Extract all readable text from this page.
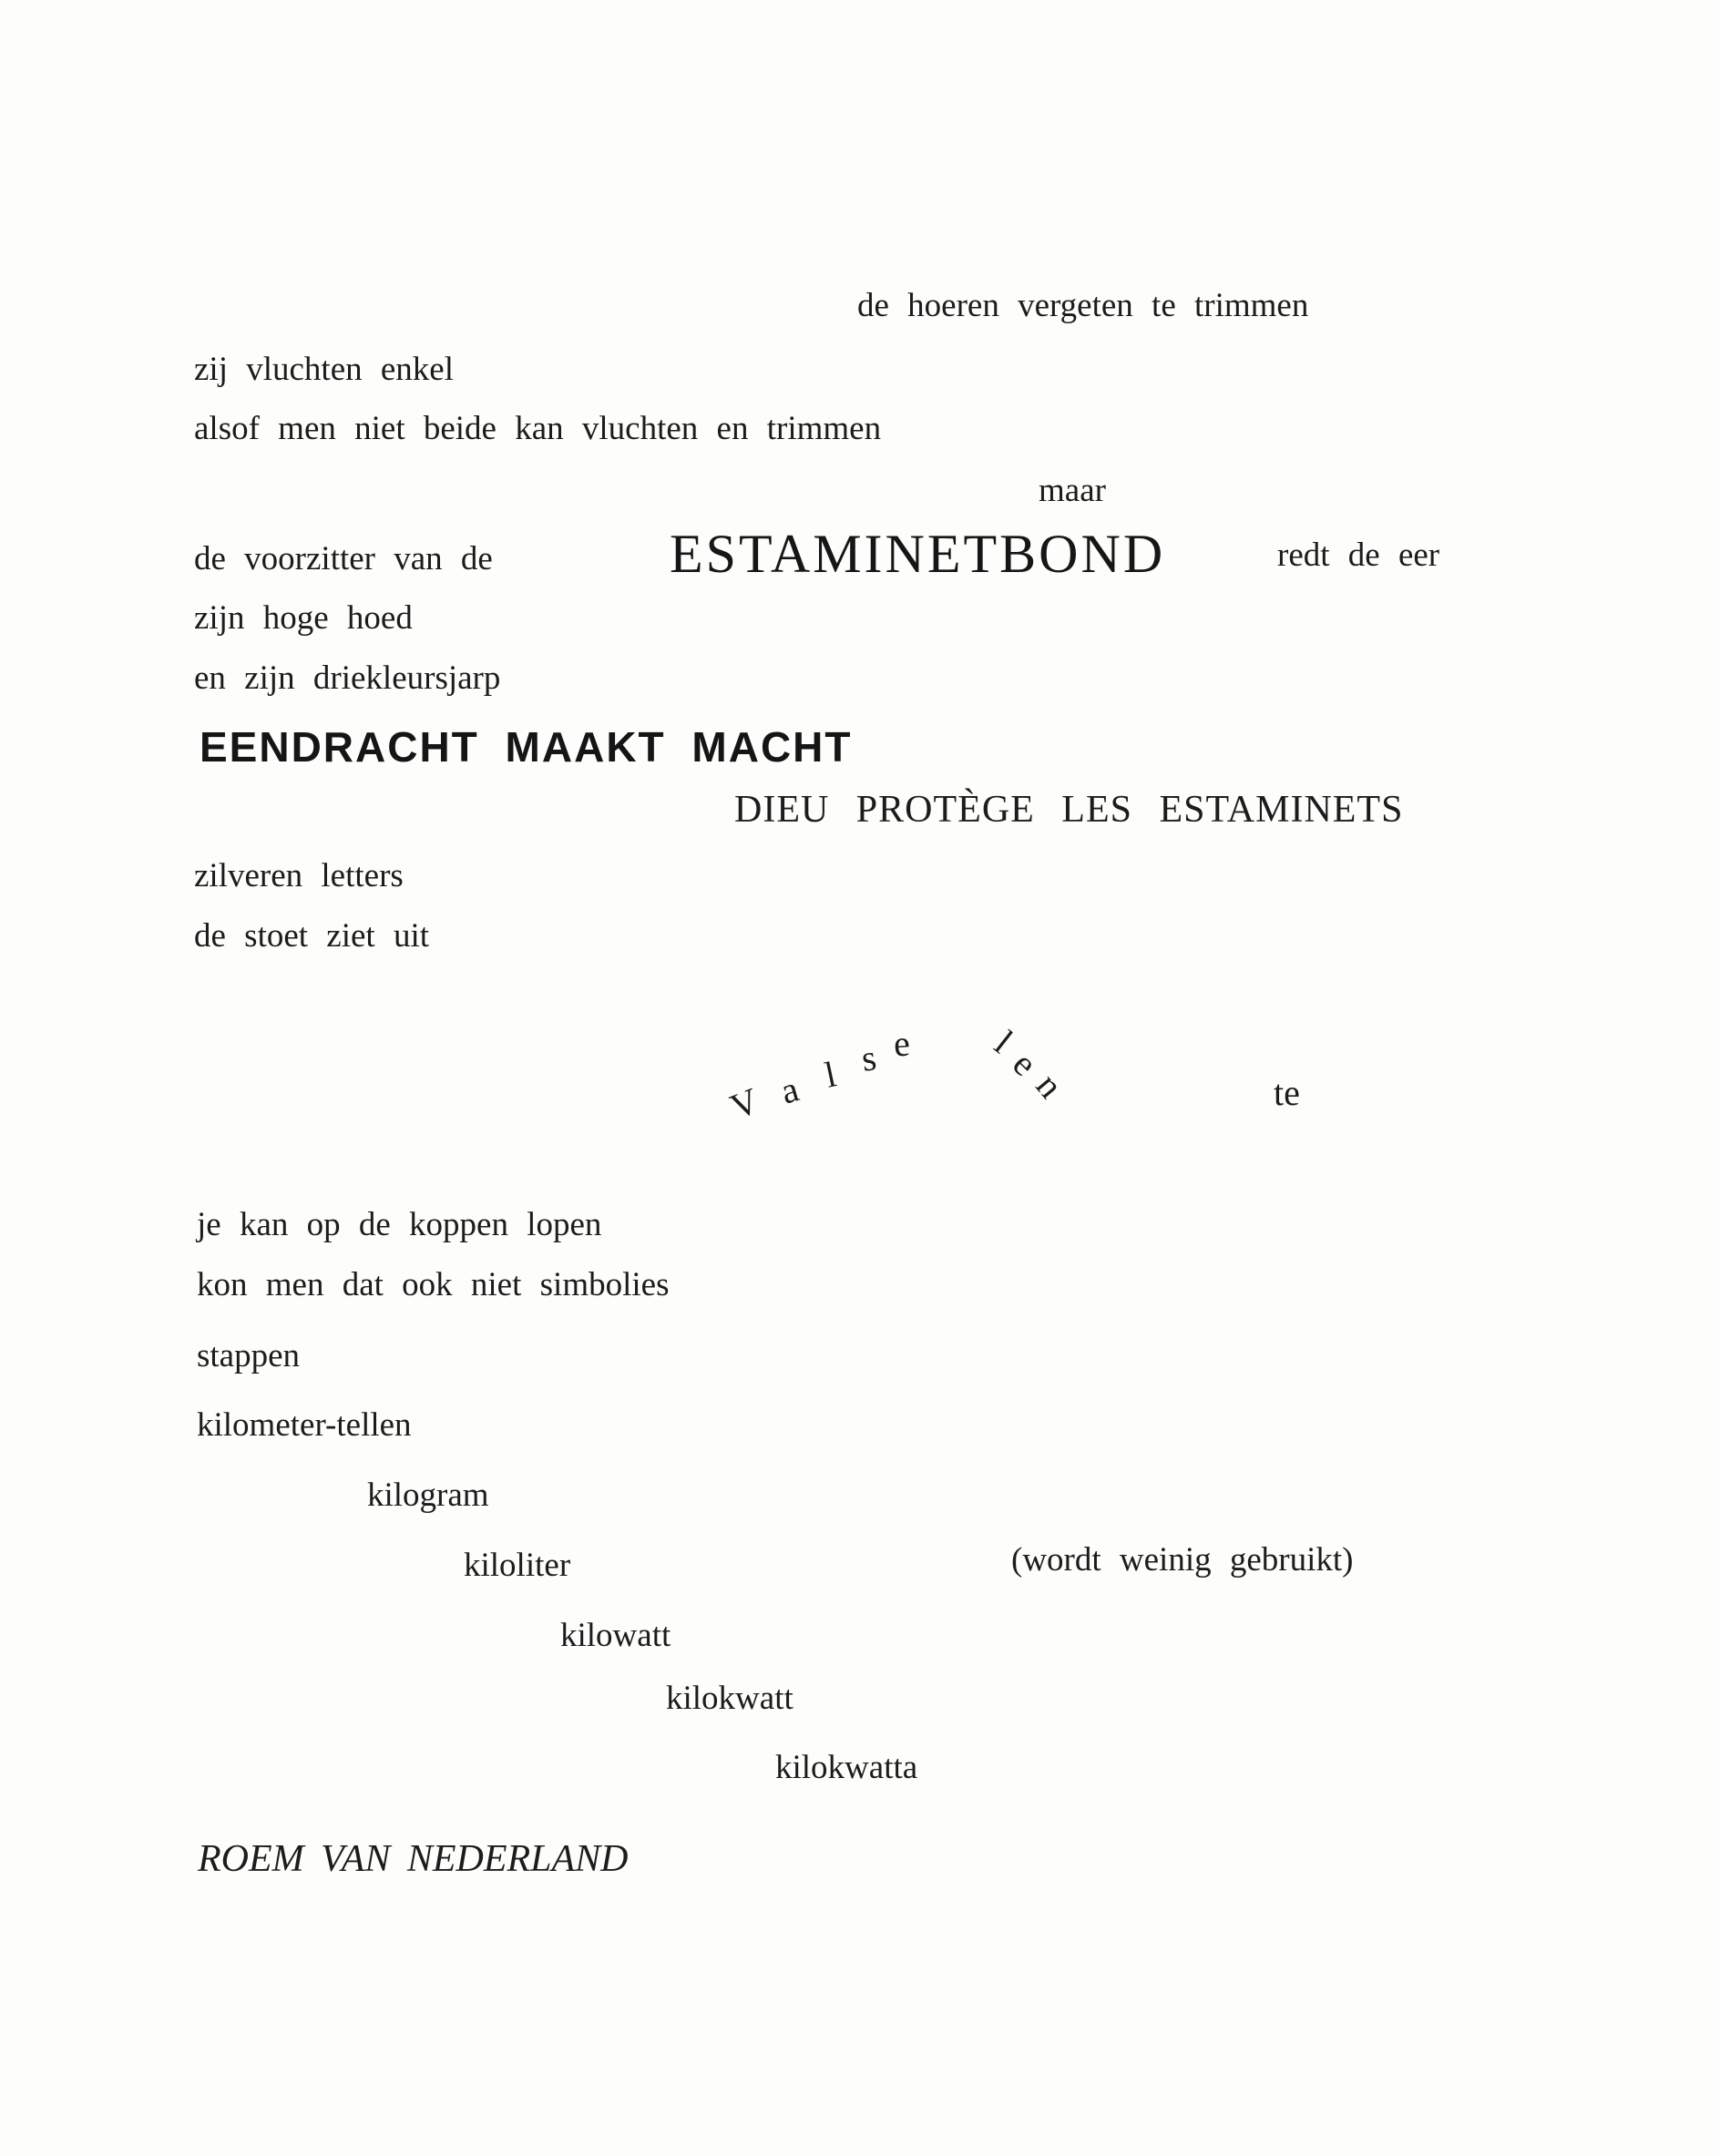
de hoeren vergeten te trimmen

zij vluchten enkel

alsof men niet beide kan vluchten en trimmen

maar

de voorzitter van de	ESTAMINETBOND	redt de eer

zijn hoge hoed

en zijn driekleursjarp

EENDRACHT MAAKT MACHT

DIEU PROTÈGE LES ESTAMINETS

zilveren letters

de stoet ziet uit

V a l s e l
e
n	te

je kan op de koppen lopen

kon men dat ook niet simbolies

stappen

kilometer-tellen

kilogram

kiloliter	(wordt weinig gebruikt)

kilowatt

kilokwatt

kilokwatta

ROEM VAN NEDERLAND
